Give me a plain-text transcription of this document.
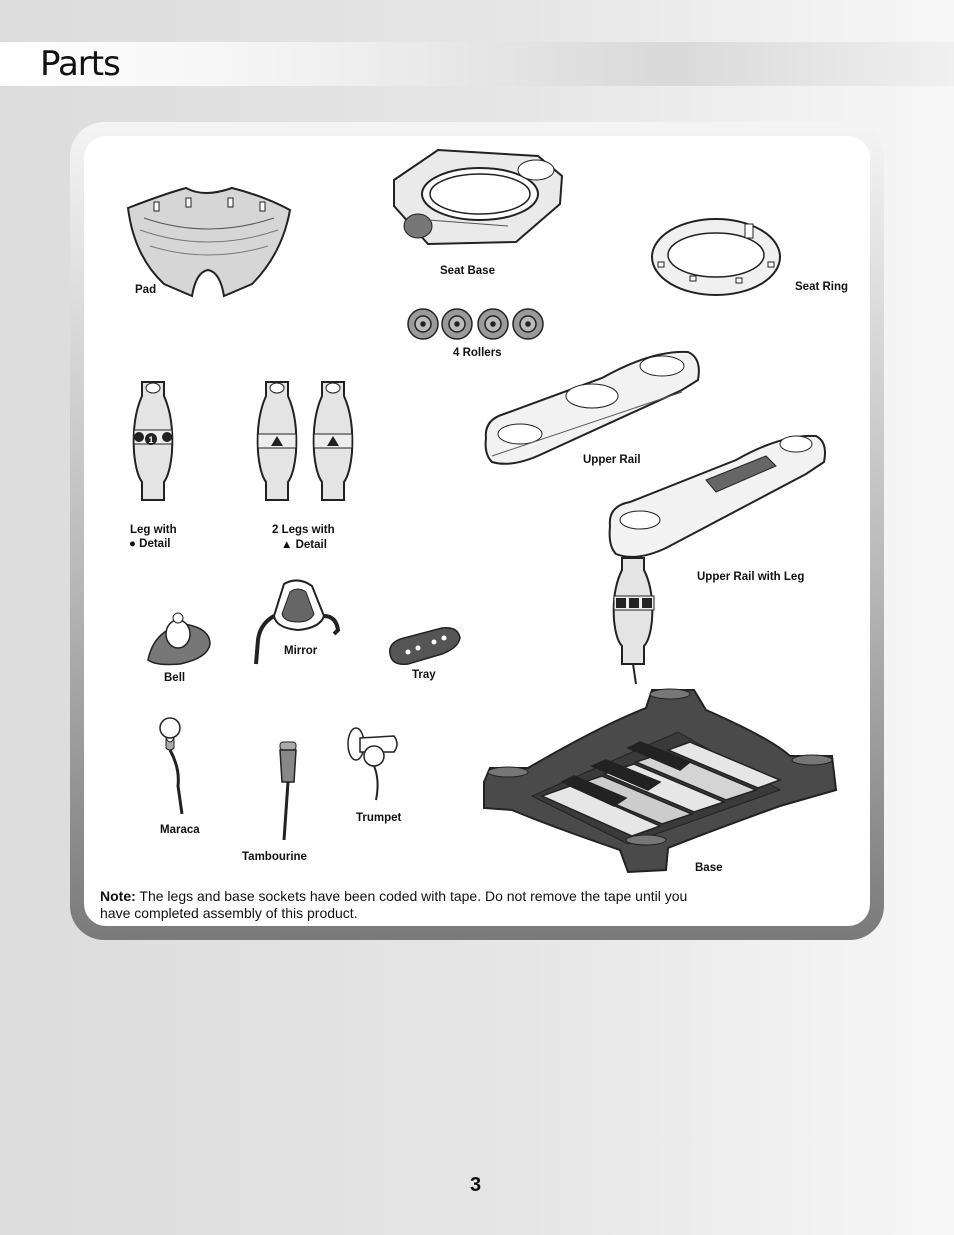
Parts
Pad
Seat Base
Seat Ring
4 Rollers
1
Leg with
● Detail
2 Legs with
▲ Detail
Upper Rail
Upper Rail with Leg
Bell
Mirror
Tray
Maraca
Tambourine
Trumpet
Base
Note: The legs and base sockets have been coded with tape. Do not remove the tape until you have completed assembly of this product.
3
